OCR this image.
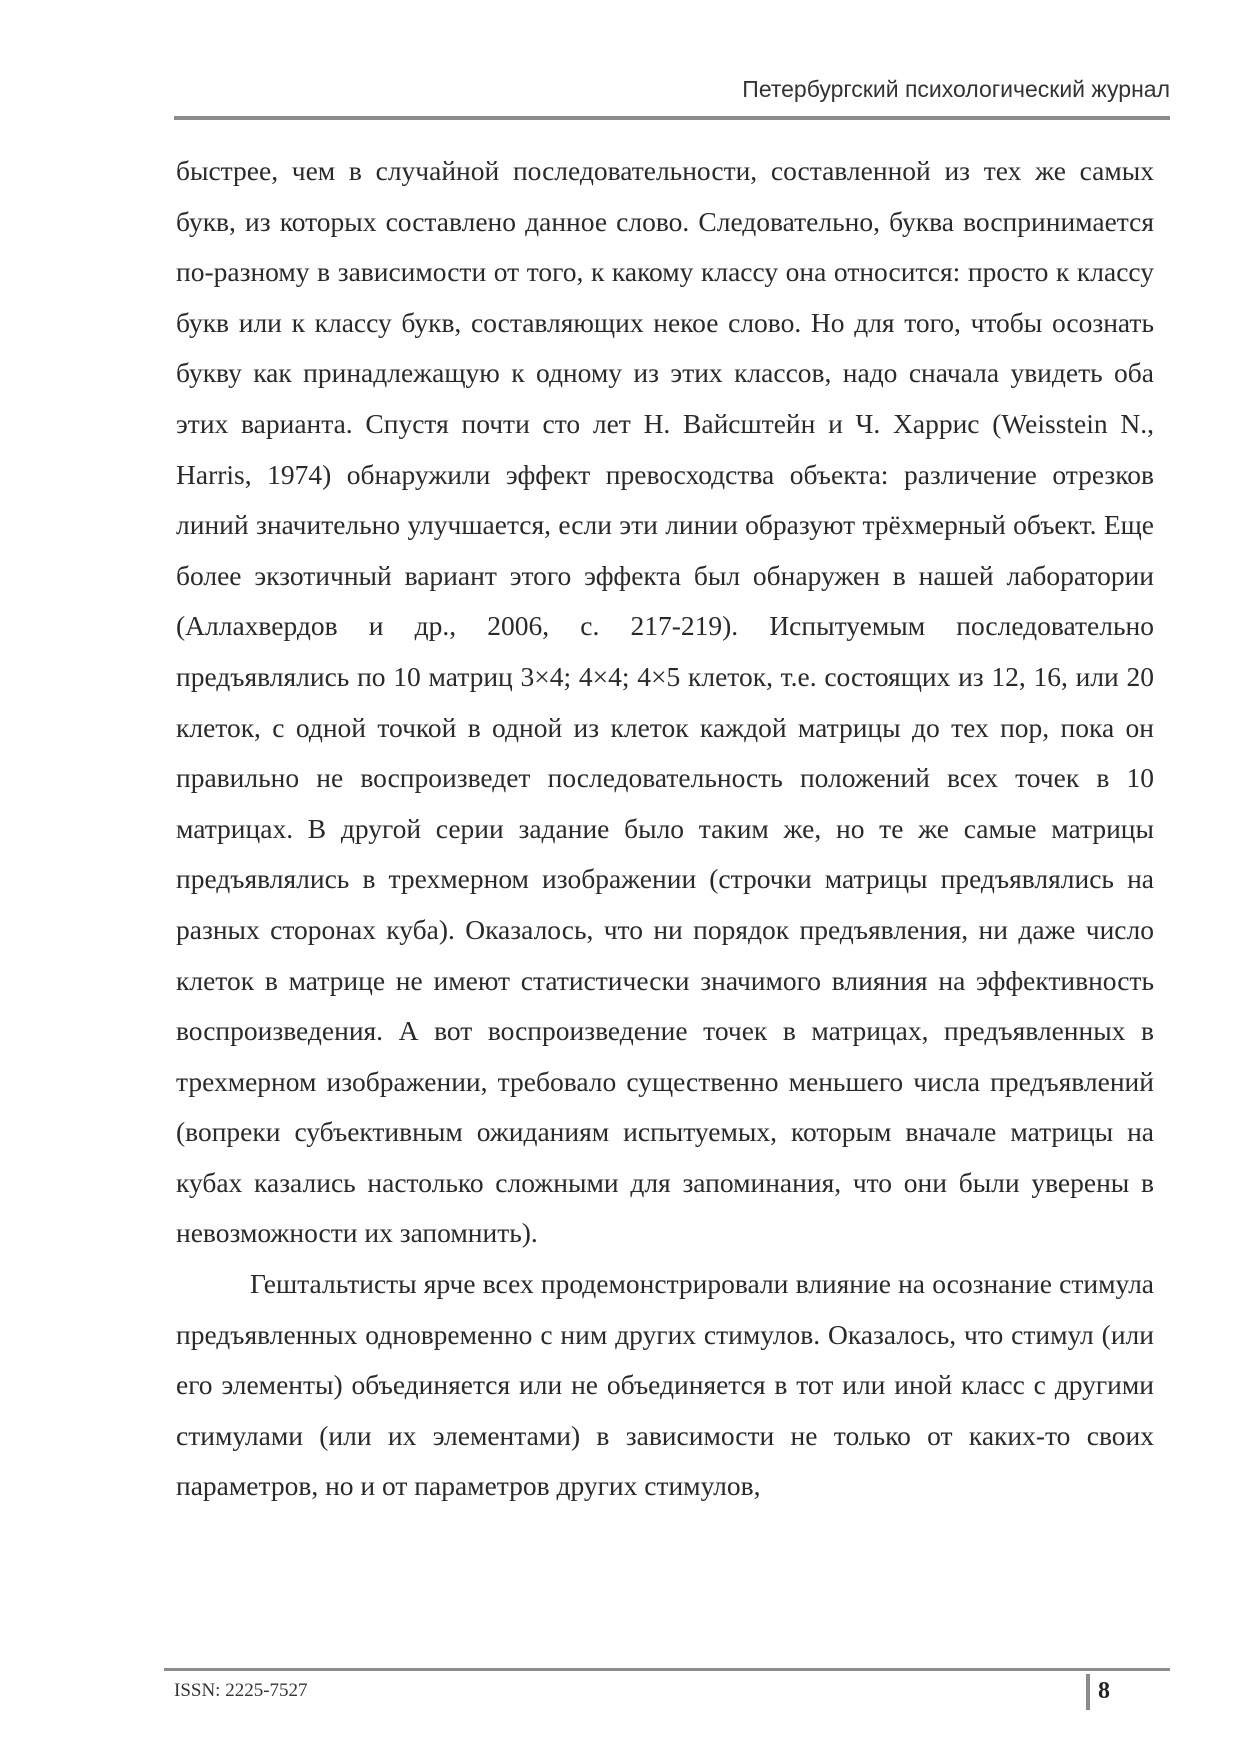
Петербургский психологический журнал

быстрее, чем в случайной последовательности, составленной из тех же самых букв, из которых составлено данное слово. Следовательно, буква воспринимается по-разному в зависимости от того, к какому классу она относится: просто к классу букв или к классу букв, составляющих некое слово. Но для того, чтобы осознать букву как принадлежащую к одному из этих классов, надо сначала увидеть оба этих варианта. Спустя почти сто лет Н. Вайсштейн и Ч. Харрис (Weisstein N., Harris, 1974) обнаружили эффект превосходства объекта: различение отрезков линий значительно улучшается, если эти линии образуют трёхмерный объект. Еще более экзотичный вариант этого эффекта был обнаружен в нашей лаборатории (Аллахвердов и др., 2006, с. 217-219). Испытуемым последовательно предъявлялись по 10 матриц 3×4; 4×4; 4×5 клеток, т.е. состоящих из 12, 16, или 20 клеток, с одной точкой в одной из клеток каждой матрицы до тех пор, пока он правильно не воспроизведет последовательность положений всех точек в 10 матрицах. В другой серии задание было таким же, но те же самые матрицы предъявлялись в трехмерном изображении (строчки матрицы предъявлялись на разных сторонах куба). Оказалось, что ни порядок предъявления, ни даже число клеток в матрице не имеют статистически значимого влияния на эффективность воспроизведения. А вот воспроизведение точек в матрицах, предъявленных в трехмерном изображении, требовало существенно меньшего числа предъявлений (вопреки субъективным ожиданиям испытуемых, которым вначале матрицы на кубах казались настолько сложными для запоминания, что они были уверены в невозможности их запомнить).

Гештальтисты ярче всех продемонстрировали влияние на осознание стимула предъявленных одновременно с ним других стимулов. Оказалось, что стимул (или его элементы) объединяется или не объединяется в тот или иной класс с другими стимулами (или их элементами) в зависимости не только от каких-то своих параметров, но и от параметров других стимулов,

ISSN: 2225-7527	8
